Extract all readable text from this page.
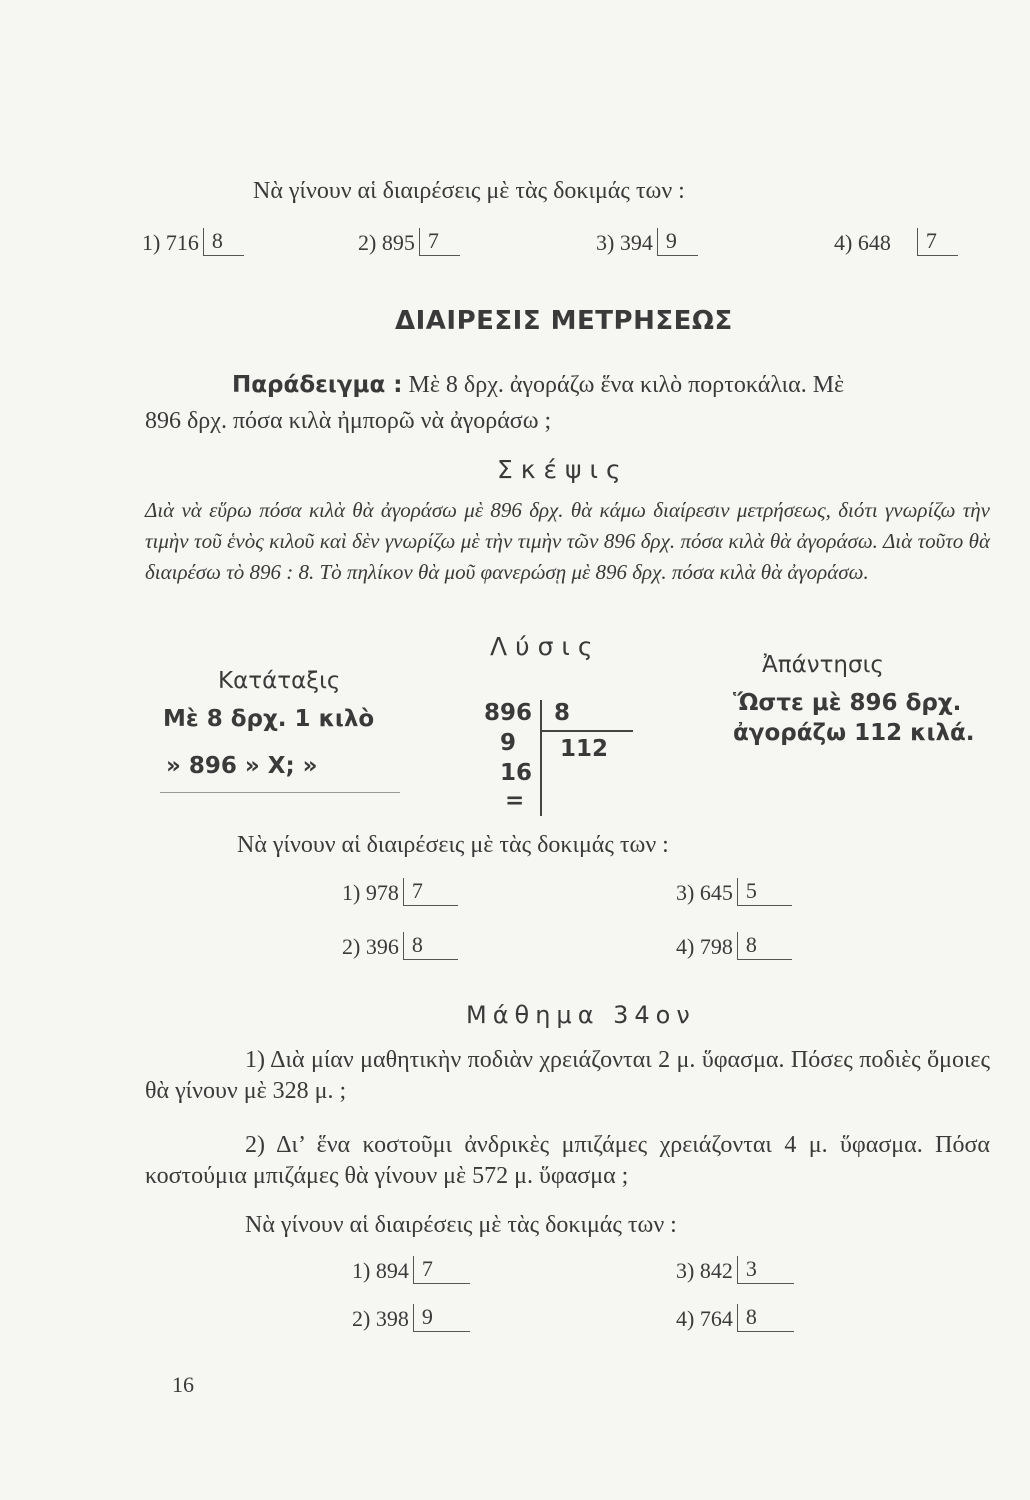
Νὰ γίνουν αἱ διαιρέσεις μὲ τὰς δοκιμάς των :
1) 716 8	2) 895 7	3) 394 9	4) 648	7
ΔΙΑΙΡΕΣΙΣ ΜΕΤΡΗΣΕΩΣ
Παράδειγμα : Μὲ 8 δρχ. ἀγοράζω ἕνα κιλὸ πορτοκάλια. Μὲ
896 δρχ. πόσα κιλὰ ἠμπορῶ νὰ ἀγοράσω ;
Σκέψις
Διὰ νὰ εὕρω πόσα κιλὰ θὰ ἀγοράσω μὲ 896 δρχ. θὰ κάμω διαίρεσιν μετρήσεως, διότι γνωρίζω τὴν τιμὴν τοῦ ἑνὸς κιλοῦ καὶ δὲν γνωρίζω μὲ τὴν τιμὴν τῶν 896 δρχ. πόσα κιλὰ θὰ ἀγοράσω. Διὰ τοῦτο θὰ διαιρέσω τὸ 896 : 8. Τὸ πηλίκον θὰ μοῦ φανερώσῃ μὲ 896 δρχ. πόσα κιλὰ θὰ ἀγοράσω.
Λύσις
Κατάταξις
Μὲ 8 δρχ. 1 κιλὸ
» 896 » X; »
896 8
9 112
16
=
Ἀπάντησις
Ὥστε μὲ 896 δρχ.
ἀγοράζω 112 κιλά.
Νὰ γίνουν αἱ διαιρέσεις μὲ τὰς δοκιμάς των :
1) 978 7	3) 645 5
2) 396 8	4) 798 8
Μάθημα 34ον
1) Διὰ μίαν μαθητικὴν ποδιὰν χρειάζονται 2 μ. ὕφασμα. Πόσες ποδιὲς ὅμοιες θὰ γίνουν μὲ 328 μ. ;
2) Δι’ ἕνα κοστοῦμι ἀνδρικὲς μπιζάμες χρειάζονται 4 μ. ὕφασμα. Πόσα κοστούμια μπιζάμες θὰ γίνουν μὲ 572 μ. ὕφασμα ;
Νὰ γίνουν αἱ διαιρέσεις μὲ τὰς δοκιμάς των :
1) 894 7	3) 842 3
2) 398 9	4) 764 8
16
